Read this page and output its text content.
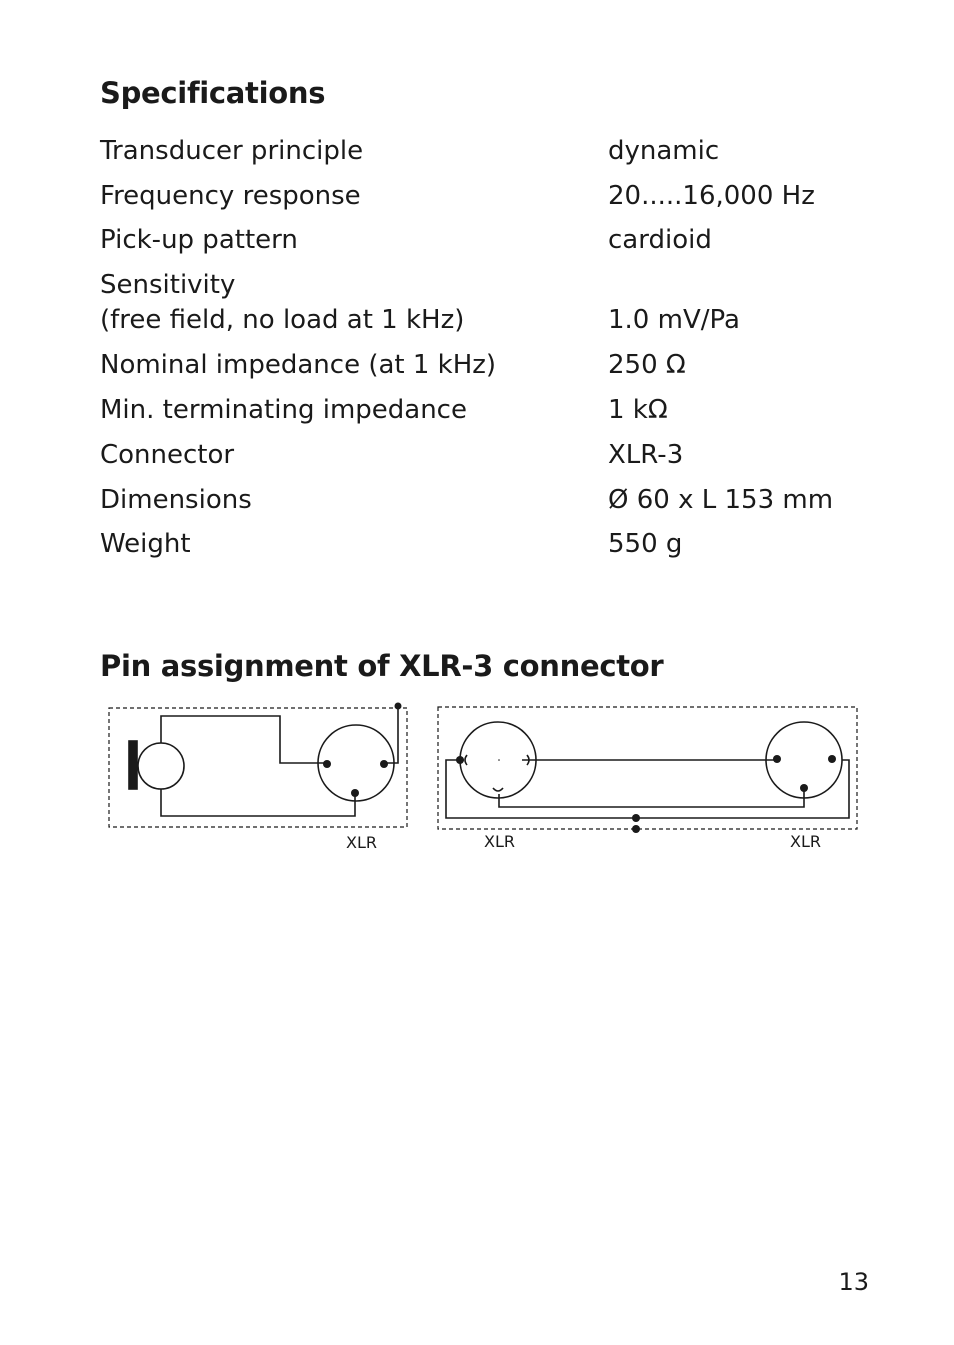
Specifications
Transducer principle	dynamic
Frequency response	20.....16,000 Hz
Pick-up pattern	cardioid
Sensitivity
(free field, no load at 1 kHz)	1.0 mV/Pa
Nominal impedance (at 1 kHz)	250 Ω
Min. terminating impedance	1 kΩ
Connector	XLR-3
Dimensions	Ø 60 x L 153 mm
Weight	550 g
Pin assignment of XLR-3 connector
XLR	XLR	XLR
13
